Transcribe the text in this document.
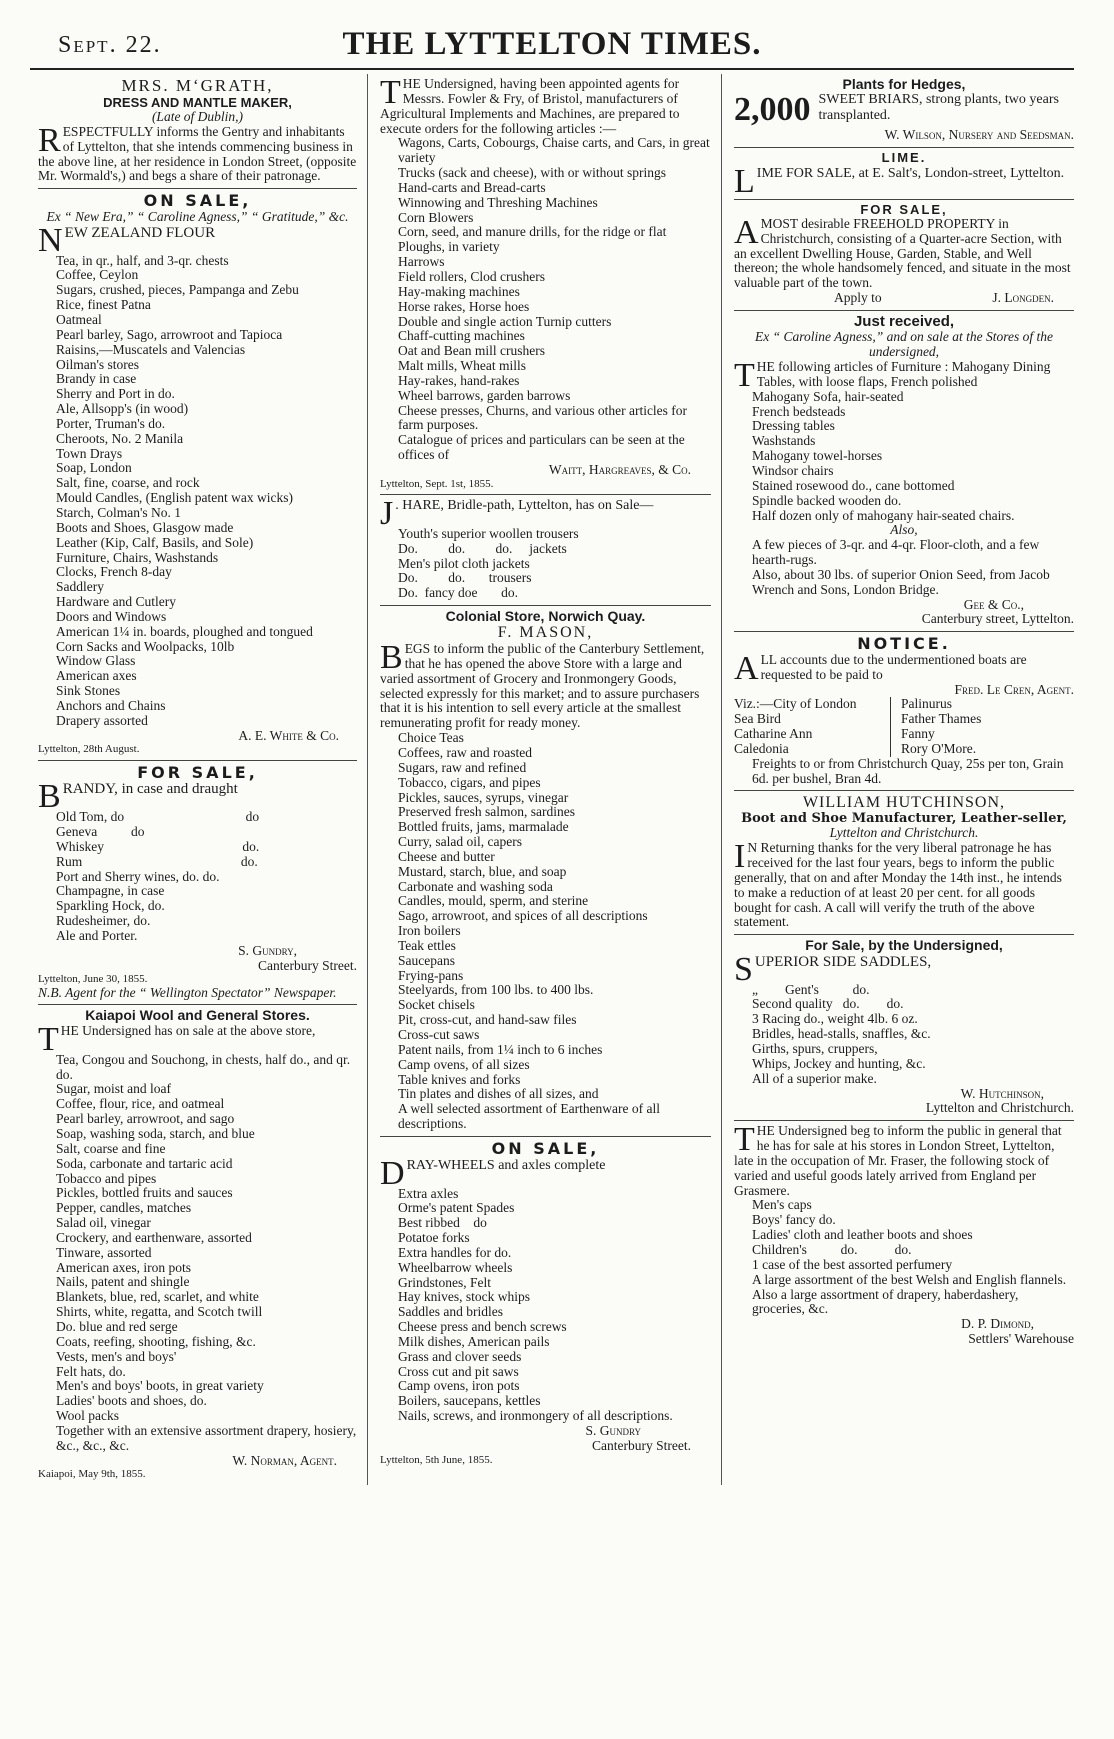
Sept. 22.	THE LYTTELTON TIMES.
MRS. MʻGRATH,
DRESS AND MANTLE MAKER,
(Late of Dublin,)

RESPECTFULLY informs the Gentry and inhabitants of Lyttelton, that she intends commencing business in the above line, at her residence in London Street, (opposite Mr. Wormald's,) and begs a share of their patronage.

ON SALE,
Ex “ New Era,” “ Caroline Agness,” “ Gratitude,” &c.

NEW ZEALAND FLOUR

Tea, in qr., half, and 3-qr. chests
Coffee, Ceylon
Sugars, crushed, pieces, Pampanga and Zebu
Rice, finest Patna
Oatmeal
Pearl barley, Sago, arrowroot and Tapioca
Raisins,—Muscatels and Valencias
Oilman's stores
Brandy in case
Sherry and Port in do.
Ale, Allsopp's (in wood)
Porter, Truman's do.
Cheroots, No. 2 Manila
Town Drays
Soap, London
Salt, fine, coarse, and rock
Mould Candles, (English patent wax wicks)
Starch, Colman's No. 1
Boots and Shoes, Glasgow made
Leather (Kip, Calf, Basils, and Sole)
Furniture, Chairs, Washstands
Clocks, French 8-day
Saddlery
Hardware and Cutlery
Doors and Windows
American 1¼ in. boards, ploughed and tongued
Corn Sacks and Woolpacks, 10lb
Window Glass
American axes
Sink Stones
Anchors and Chains
Drapery assorted
A. E. White & Co.
Lyttelton, 28th August.
FOR SALE,

BRANDY, in case and draught

Old Tom, do                                    do
Geneva          do
Whiskey                                         do.
Rum                                               do.
Port and Sherry wines, do. do.
Champagne, in case
Sparkling Hock, do.
Rudesheimer, do.
Ale and Porter.
S. Gundry,
Canterbury Street.
Lyttelton, June 30, 1855.
N.B. Agent for the “ Wellington Spectator” Newspaper.
Kaiapoi Wool and General Stores.

THE Undersigned has on sale at the above store,

Tea, Congou and Souchong, in chests, half do., and qr. do.
Sugar, moist and loaf
Coffee, flour, rice, and oatmeal
Pearl barley, arrowroot, and sago
Soap, washing soda, starch, and blue
Salt, coarse and fine
Soda, carbonate and tartaric acid
Tobacco and pipes
Pickles, bottled fruits and sauces
Pepper, candles, matches
Salad oil, vinegar
Crockery, and earthenware, assorted
Tinware, assorted
American axes, iron pots
Nails, patent and shingle
Blankets, blue, red, scarlet, and white
Shirts, white, regatta, and Scotch twill
Do. blue and red serge
Coats, reefing, shooting, fishing, &c.
Vests, men's and boys'
Felt hats, do.
Men's and boys' boots, in great variety
Ladies' boots and shoes, do.
Wool packs
Together with an extensive assortment drapery, hosiery, &c., &c., &c.
W. Norman, Agent.
Kaiapoi, May 9th, 1855.

THE Undersigned, having been appointed agents for Messrs. Fowler & Fry, of Bristol, manufacturers of Agricultural Implements and Machines, are prepared to execute orders for the following articles :—

Wagons, Carts, Cobourgs, Chaise carts, and Cars, in great variety
Trucks (sack and cheese), with or without springs
Hand-carts and Bread-carts
Winnowing and Threshing Machines
Corn Blowers
Corn, seed, and manure drills, for the ridge or flat
Ploughs, in variety
Harrows
Field rollers, Clod crushers
Hay-making machines
Horse rakes, Horse hoes
Double and single action Turnip cutters
Chaff-cutting machines
Oat and Bean mill crushers
Malt mills, Wheat mills
Hay-rakes, hand-rakes
Wheel barrows, garden barrows
Cheese presses, Churns, and various other articles for farm purposes.

Catalogue of prices and particulars can be seen at the offices of

Waitt, Hargreaves, & Co.
Lyttelton, Sept. 1st, 1855.

J . HARE, Bridle-path, Lyttelton, has on Sale—

Youth's superior woollen trousers
Do.         do.         do.     jackets
Men's pilot cloth jackets
Do.         do.       trousers
Do.  fancy doe       do.
Colonial Store, Norwich Quay.
F. MASON,

BEGS to inform the public of the Canterbury Settlement, that he has opened the above Store with a large and varied assortment of Grocery and Ironmongery Goods, selected expressly for this market; and to assure purchasers that it is his intention to sell every article at the smallest remunerating profit for ready money.

Choice Teas
Coffees, raw and roasted
Sugars, raw and refined
Tobacco, cigars, and pipes
Pickles, sauces, syrups, vinegar
Preserved fresh salmon, sardines
Bottled fruits, jams, marmalade
Curry, salad oil, capers
Cheese and butter
Mustard, starch, blue, and soap
Carbonate and washing soda
Candles, mould, sperm, and sterine
Sago, arrowroot, and spices of all descriptions
Iron boilers
Teak ettles
Saucepans
Frying-pans
Steelyards, from 100 lbs. to 400 lbs.
Socket chisels
Pit, cross-cut, and hand-saw files
Cross-cut saws
Patent nails, from 1¼ inch to 6 inches
Camp ovens, of all sizes
Table knives and forks
Tin plates and dishes of all sizes, and
A well selected assortment of Earthenware of all descriptions.
ON SALE,

DRAY-WHEELS and axles complete

Extra axles
Orme's patent Spades
Best ribbed    do
Potatoe forks
Extra handles for do.
Wheelbarrow wheels
Grindstones, Felt
Hay knives, stock whips
Saddles and bridles
Cheese press and bench screws
Milk dishes, American pails
Grass and clover seeds
Cross cut and pit saws
Camp ovens, iron pots
Boilers, saucepans, kettles
Nails, screws, and ironmongery of all descriptions.
S. Gundry
Canterbury Street.
Lyttelton, 5th June, 1855.
Plants for Hedges,

2,000 SWEET BRIARS, strong plants, two years transplanted.

W. Wilson, Nursery and Seedsman.
LIME.

LIME FOR SALE, at E. Salt's, London-street, Lyttelton.

FOR SALE,

AMOST desirable FREEHOLD PROPERTY in Christchurch, consisting of a Quarter-acre Section, with an excellent Dwelling House, Garden, Stable, and Well thereon; the whole handsomely fenced, and situate in the most valuable part of the town.

Apply to	J. Longden.
Just received,
Ex “ Caroline Agness,” and on sale at the Stores of the undersigned,

THE following articles of Furniture : Mahogany Dining Tables, with loose flaps, French polished

Mahogany Sofa, hair-seated
French bedsteads
Dressing tables
Washstands
Mahogany towel-horses
Windsor chairs
Stained rosewood do., cane bottomed
Spindle backed wooden do.
Half dozen only of mahogany hair-seated chairs.
Also,

A few pieces of 3-qr. and 4-qr. Floor-cloth, and a few hearth-rugs.

Also, about 30 lbs. of superior Onion Seed, from Jacob Wrench and Sons, London Bridge.

Gee & Co.,
Canterbury street, Lyttelton.
NOTICE.

ALL accounts due to the undermentioned boats are requested to be paid to

Fred. Le Cren, Agent.
Viz.:—City of London
Sea Bird
Catharine Ann
Caledonia
Palinurus
Father Thames
Fanny
Rory O'More.

Freights to or from Christchurch Quay, 25s per ton, Grain 6d. per bushel, Bran 4d.

WILLIAM HUTCHINSON,
Boot and Shoe Manufacturer, Leather-seller,
Lyttelton and Christchurch.

I N Returning thanks for the very liberal patronage he has received for the last four years, begs to inform the public generally, that on and after Monday the 14th inst., he intends to make a reduction of at least 20 per cent. for all goods bought for cash. A call will verify the truth of the above statement.

For Sale, by the Undersigned,

SUPERIOR SIDE SADDLES,

„        Gent's          do.
Second quality   do.        do.
3 Racing do., weight 4lb. 6 oz.
Bridles, head-stalls, snaffles, &c.
Girths, spurs, cruppers,
Whips, Jockey and hunting, &c.
All of a superior make.
W. Hutchinson,
Lyttelton and Christchurch.

THE Undersigned beg to inform the public in general that he has for sale at his stores in London Street, Lyttelton, late in the occupation of Mr. Fraser, the following stock of varied and useful goods lately arrived from England per Grasmere.

Men's caps
Boys' fancy do.
Ladies' cloth and leather boots and shoes
Children's          do.           do.
1 case of the best assorted perfumery
A large assortment of the best Welsh and English flannels.
Also a large assortment of drapery, haberdashery, groceries, &c.
D. P. Dimond,
Settlers' Warehouse
